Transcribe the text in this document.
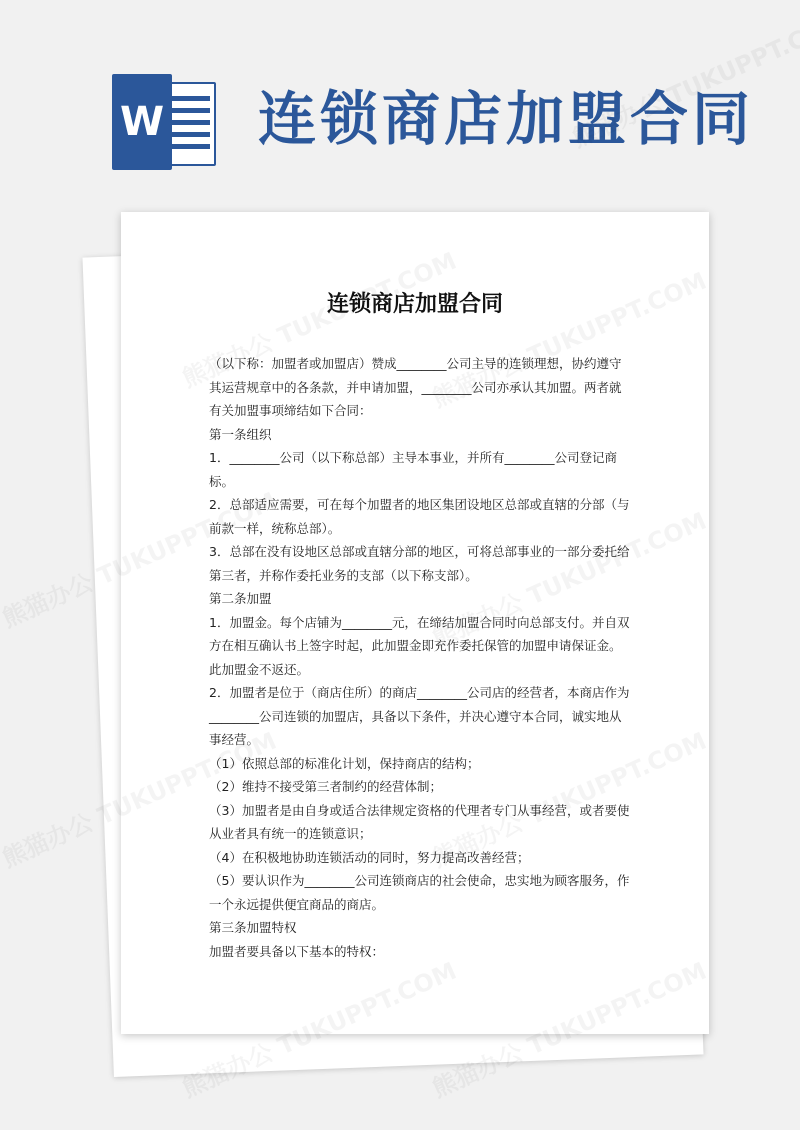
W 连锁商店加盟合同
连锁商店加盟合同

（以下称：加盟者或加盟店）赞成________公司主导的连锁理想，协约遵守其运营规章中的各条款，并申请加盟，________公司亦承认其加盟。两者就有关加盟事项缔结如下合同：

第一条组织

1．________公司（以下称总部）主导本事业，并所有________公司登记商标。

2．总部适应需要，可在每个加盟者的地区集团设地区总部或直辖的分部（与前款一样，统称总部）。

3．总部在没有设地区总部或直辖分部的地区，可将总部事业的一部分委托给第三者，并称作委托业务的支部（以下称支部）。

第二条加盟

1．加盟金。每个店铺为________元，在缔结加盟合同时向总部支付。并自双方在相互确认书上签字时起，此加盟金即充作委托保管的加盟申请保证金。此加盟金不返还。

2．加盟者是位于（商店住所）的商店________公司店的经营者，本商店作为________公司连锁的加盟店，具备以下条件，并决心遵守本合同，诚实地从事经营。

（1）依照总部的标准化计划，保持商店的结构；

（2）维持不接受第三者制约的经营体制；

（3）加盟者是由自身或适合法律规定资格的代理者专门从事经营，或者要使从业者具有统一的连锁意识；

（4）在积极地协助连锁活动的同时，努力提高改善经营；

（5）要认识作为________公司连锁商店的社会使命，忠实地为顾客服务，作一个永远提供便宜商品的商店。

第三条加盟特权

加盟者要具备以下基本的特权：
